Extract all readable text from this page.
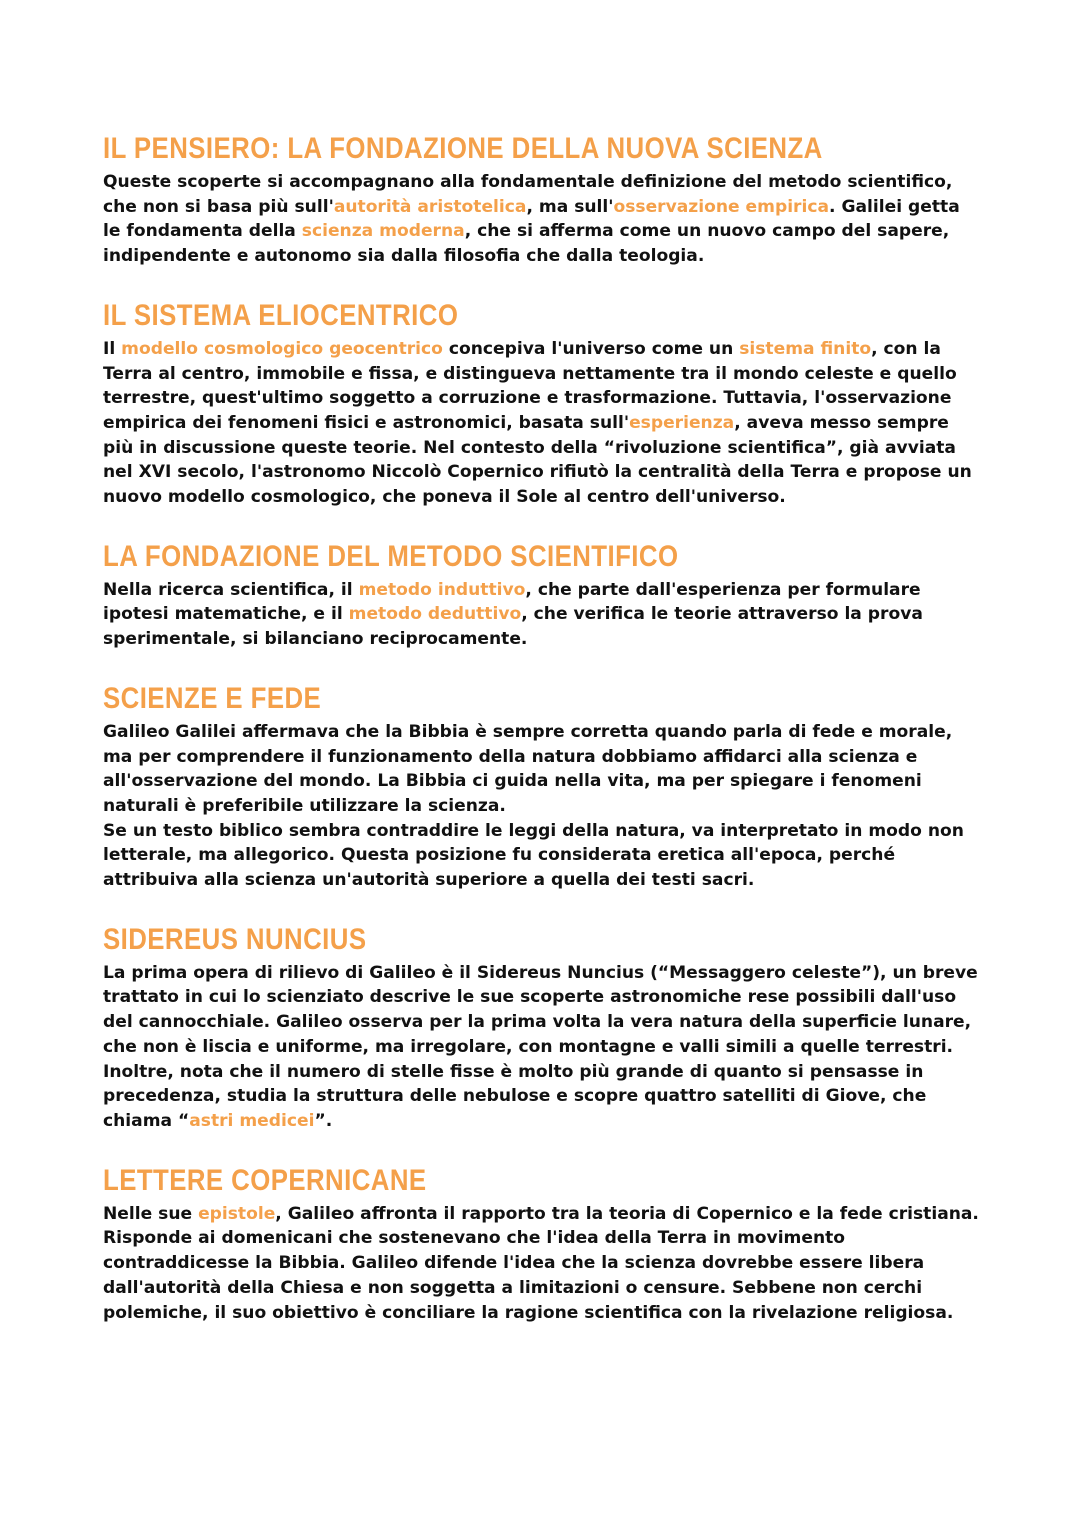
IL PENSIERO: LA FONDAZIONE DELLA NUOVA SCIENZA

Queste scoperte si accompagnano alla fondamentale definizione del metodo scientifico, che non si basa più sull'autorità aristotelica, ma sull'osservazione empirica. Galilei getta le fondamenta della scienza moderna, che si afferma come un nuovo campo del sapere, indipendente e autonomo sia dalla filosofia che dalla teologia.

IL SISTEMA ELIOCENTRICO

Il modello cosmologico geocentrico concepiva l'universo come un sistema finito, con la Terra al centro, immobile e fissa, e distingueva nettamente tra il mondo celeste e quello terrestre, quest'ultimo soggetto a corruzione e trasformazione. Tuttavia, l'osservazione empirica dei fenomeni fisici e astronomici, basata sull'esperienza, aveva messo sempre più in discussione queste teorie. Nel contesto della “rivoluzione scientifica”, già avviata nel XVI secolo, l'astronomo Niccolò Copernico rifiutò la centralità della Terra e propose un nuovo modello cosmologico, che poneva il Sole al centro dell'universo.

LA FONDAZIONE DEL METODO SCIENTIFICO

Nella ricerca scientifica, il metodo induttivo, che parte dall'esperienza per formulare ipotesi matematiche, e il metodo deduttivo, che verifica le teorie attraverso la prova sperimentale, si bilanciano reciprocamente.

SCIENZE E FEDE

Galileo Galilei affermava che la Bibbia è sempre corretta quando parla di fede e morale, ma per comprendere il funzionamento della natura dobbiamo affidarci alla scienza e all'osservazione del mondo. La Bibbia ci guida nella vita, ma per spiegare i fenomeni naturali è preferibile utilizzare la scienza.
Se un testo biblico sembra contraddire le leggi della natura, va interpretato in modo non letterale, ma allegorico. Questa posizione fu considerata eretica all'epoca, perché attribuiva alla scienza un'autorità superiore a quella dei testi sacri.

SIDEREUS NUNCIUS

La prima opera di rilievo di Galileo è il Sidereus Nuncius (“Messaggero celeste”), un breve trattato in cui lo scienziato descrive le sue scoperte astronomiche rese possibili dall'uso del cannocchiale. Galileo osserva per la prima volta la vera natura della superficie lunare, che non è liscia e uniforme, ma irregolare, con montagne e valli simili a quelle terrestri. Inoltre, nota che il numero di stelle fisse è molto più grande di quanto si pensasse in precedenza, studia la struttura delle nebulose e scopre quattro satelliti di Giove, che chiama “astri medicei”.

LETTERE COPERNICANE

Nelle sue epistole, Galileo affronta il rapporto tra la teoria di Copernico e la fede cristiana. Risponde ai domenicani che sostenevano che l'idea della Terra in movimento contraddicesse la Bibbia. Galileo difende l'idea che la scienza dovrebbe essere libera dall'autorità della Chiesa e non soggetta a limitazioni o censure. Sebbene non cerchi polemiche, il suo obiettivo è conciliare la ragione scientifica con la rivelazione religiosa.
